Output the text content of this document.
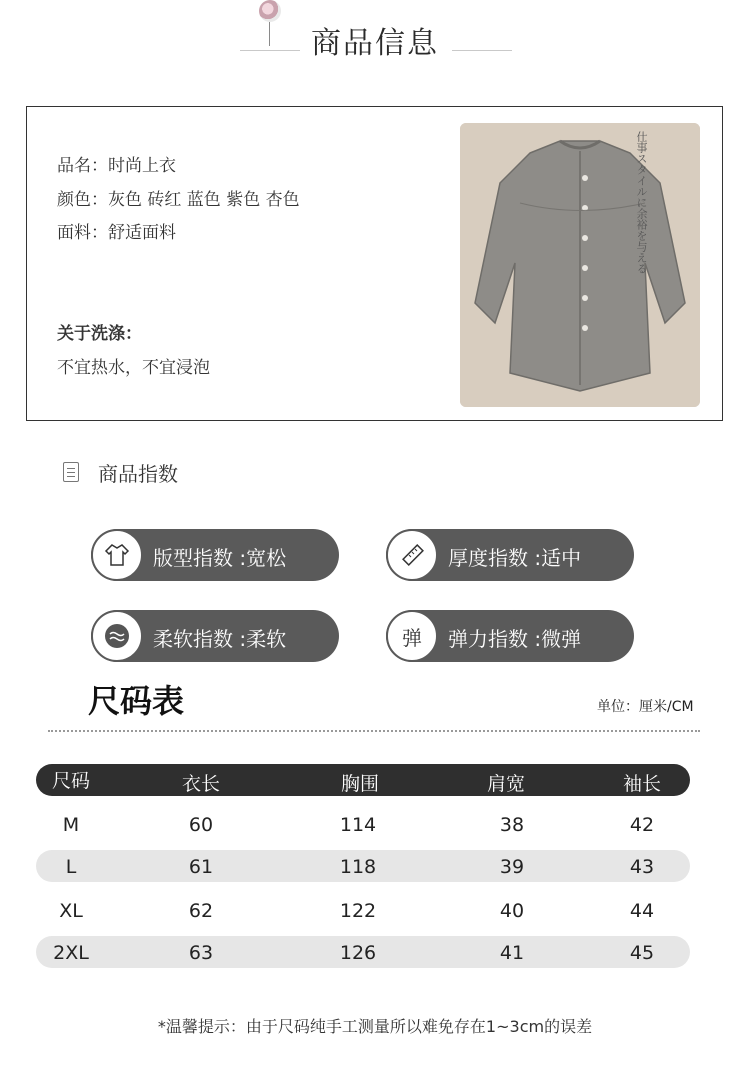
商品信息
品名：时尚上衣
颜色：灰色 砖红 蓝色 紫色 杏色
面料：舒适面料
关于洗涤：
不宜热水，不宜浸泡
仕事スタイルに余裕を与える
商品指数
版型指数 :宽松	厚度指数 :适中
柔软指数 :柔软	弹	弹力指数 :微弹
尺码表	单位：厘米/CM
尺码	衣长	胸围	肩宽	袖长
M	60	114	38	42
L	61	118	39	43
XL	62	122	40	44
2XL	63	126	41	45
*温馨提示：由于尺码纯手工测量所以难免存在1~3cm的误差
